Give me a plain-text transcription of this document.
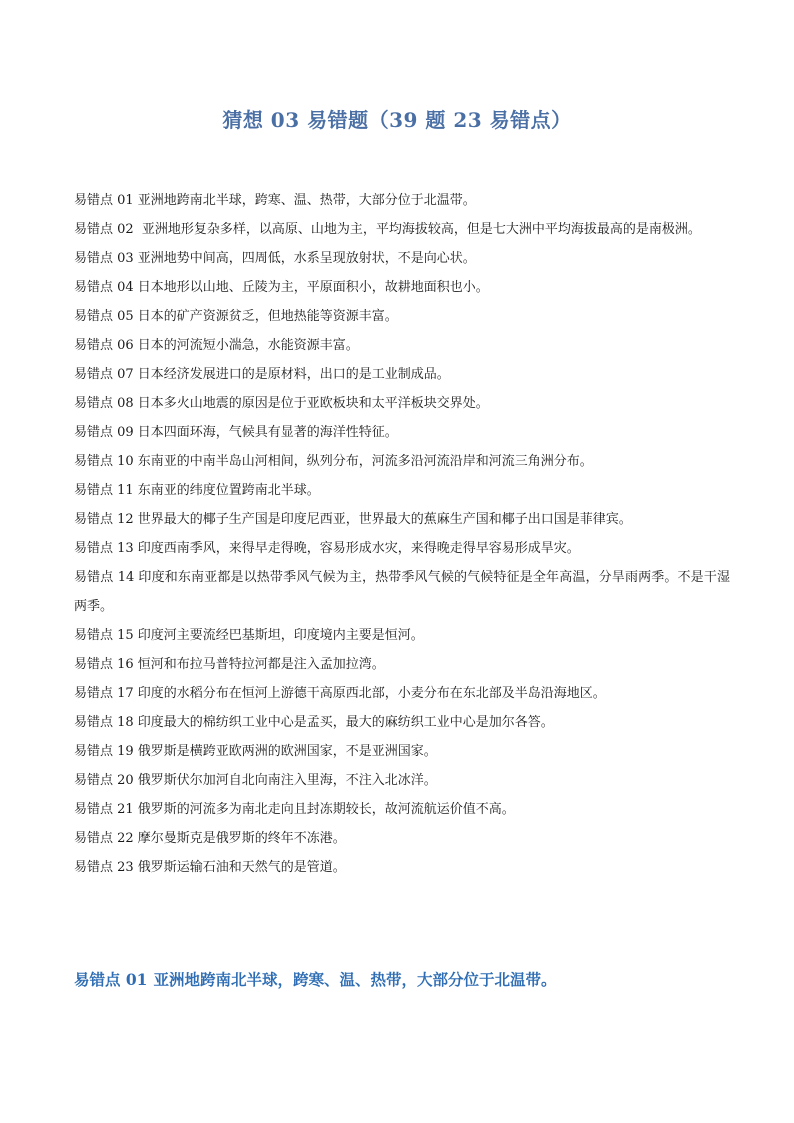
猜想 03 易错题（39 题 23 易错点）

易错点 01 亚洲地跨南北半球，跨寒、温、热带，大部分位于北温带。

易错点 02 亚洲地形复杂多样，以高原、山地为主，平均海拔较高，但是七大洲中平均海拔最高的是南极洲。

易错点 03 亚洲地势中间高，四周低，水系呈现放射状，不是向心状。

易错点 04 日本地形以山地、丘陵为主，平原面积小，故耕地面积也小。

易错点 05 日本的矿产资源贫乏，但地热能等资源丰富。

易错点 06 日本的河流短小湍急，水能资源丰富。

易错点 07 日本经济发展进口的是原材料，出口的是工业制成品。

易错点 08 日本多火山地震的原因是位于亚欧板块和太平洋板块交界处。

易错点 09 日本四面环海，气候具有显著的海洋性特征。

易错点 10 东南亚的中南半岛山河相间，纵列分布，河流多沿河流沿岸和河流三角洲分布。

易错点 11 东南亚的纬度位置跨南北半球。

易错点 12 世界最大的椰子生产国是印度尼西亚，世界最大的蕉麻生产国和椰子出口国是菲律宾。

易错点 13 印度西南季风，来得早走得晚，容易形成水灾，来得晚走得早容易形成旱灾。

易错点 14 印度和东南亚都是以热带季风气候为主，热带季风气候的气候特征是全年高温，分旱雨两季。不是干湿两季。

易错点 15 印度河主要流经巴基斯坦，印度境内主要是恒河。

易错点 16 恒河和布拉马普特拉河都是注入孟加拉湾。

易错点 17 印度的水稻分布在恒河上游德干高原西北部，小麦分布在东北部及半岛沿海地区。

易错点 18 印度最大的棉纺织工业中心是孟买，最大的麻纺织工业中心是加尔各答。

易错点 19 俄罗斯是横跨亚欧两洲的欧洲国家，不是亚洲国家。

易错点 20 俄罗斯伏尔加河自北向南注入里海，不注入北冰洋。

易错点 21 俄罗斯的河流多为南北走向且封冻期较长，故河流航运价值不高。

易错点 22 摩尔曼斯克是俄罗斯的终年不冻港。

易错点 23 俄罗斯运输石油和天然气的是管道。

易错点 01 亚洲地跨南北半球，跨寒、温、热带，大部分位于北温带。
